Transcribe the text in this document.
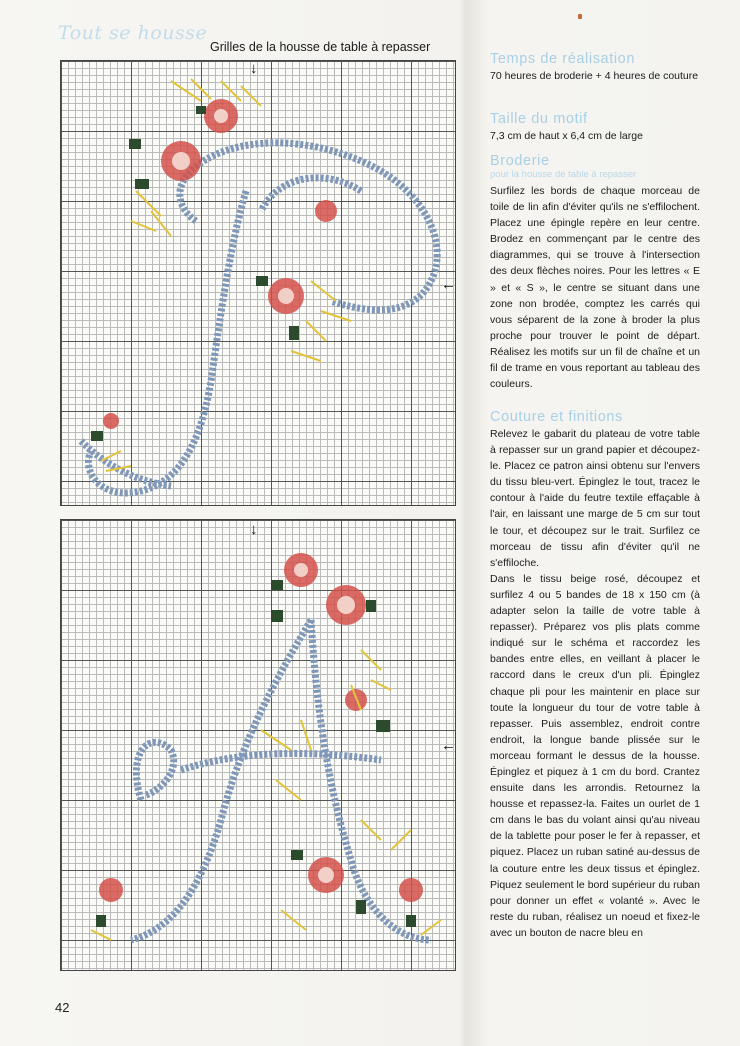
Tout se housse
Grilles de la housse de table à repasser
↓
←
↓
←
Temps de réalisation
70 heures de broderie + 4 heures de couture
Taille du motif
7,3 cm de haut x 6,4 cm de large
Broderie
pour la housse de table à repasser
Surfilez les bords de chaque morceau de toile de lin afin d'éviter qu'ils ne s'effilochent. Placez une épingle repère en leur centre. Brodez en commençant par le centre des diagrammes, qui se trouve à l'intersection des deux flèches noires. Pour les lettres « E » et « S », le centre se situant dans une zone non brodée, comptez les carrés qui vous séparent de la zone à broder la plus proche pour trouver le point de départ. Réalisez les motifs sur un fil de chaîne et un fil de trame en vous reportant au tableau des couleurs.
Couture et finitions
Relevez le gabarit du plateau de votre table à repasser sur un grand papier et découpez-le. Placez ce patron ainsi obtenu sur l'envers du tissu bleu-vert. Épinglez le tout, tracez le contour à l'aide du feutre textile effaçable à l'air, en laissant une marge de 5 cm sur tout le tour, et découpez sur le trait. Surfilez ce morceau de tissu afin d'éviter qu'il ne s'effiloche.
Dans le tissu beige rosé, découpez et surfilez 4 ou 5 bandes de 18 x 150 cm (à adapter selon la taille de votre table à repasser). Préparez vos plis plats comme indiqué sur le schéma et raccordez les bandes entre elles, en veillant à placer le raccord dans le creux d'un pli. Épinglez chaque pli pour les maintenir en place sur toute la longueur du tour de votre table à repasser. Puis assemblez, endroit contre endroit, la longue bande plissée sur le morceau formant le dessus de la housse. Épinglez et piquez à 1 cm du bord. Crantez ensuite dans les arrondis. Retournez la housse et repassez-la. Faites un ourlet de 1 cm dans le bas du volant ainsi qu'au niveau de la tablette pour poser le fer à repasser, et piquez. Placez un ruban satiné au-dessus de la couture entre les deux tissus et épinglez. Piquez seulement le bord supérieur du ruban pour donner un effet « volanté ». Avec le reste du ruban, réalisez un noeud et fixez-le avec un bouton de nacre bleu en
42
